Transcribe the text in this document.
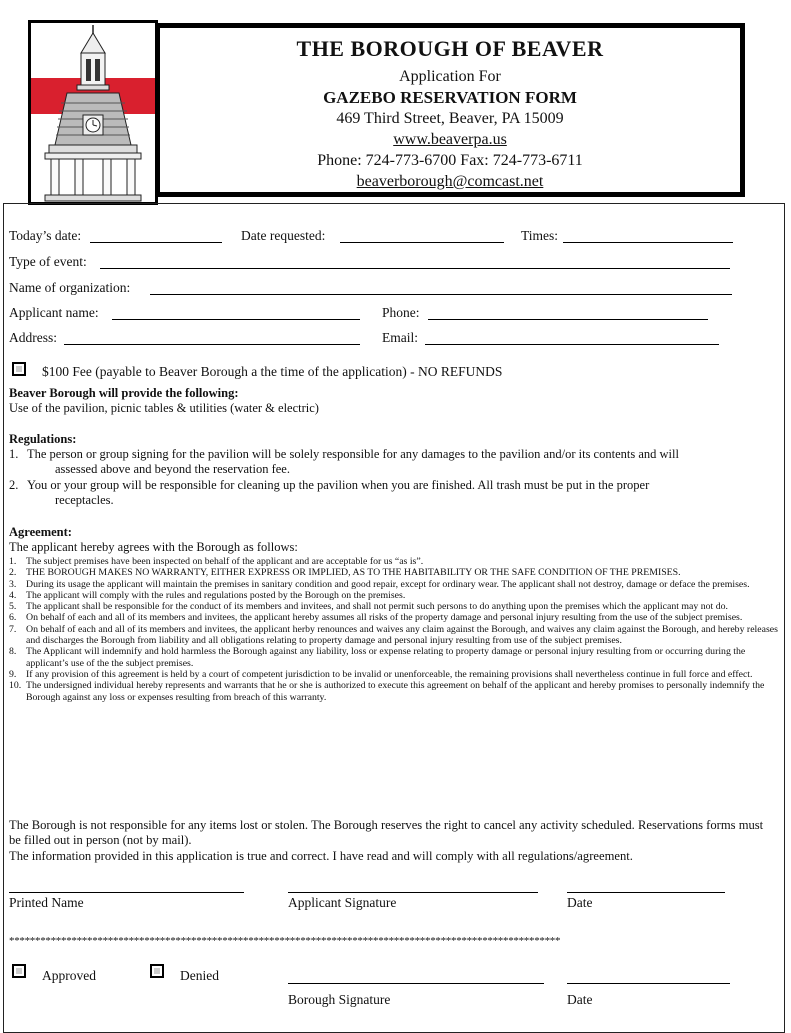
THE BOROUGH OF BEAVER
Application For
GAZEBO RESERVATION FORM
469 Third Street, Beaver, PA 15009
www.beaverpa.us
Phone: 724-773-6700 Fax: 724-773-6711
beaverborough@comcast.net
Today’s date:	Date requested:	Times:
Type of event:
Name of organization:
Applicant name:	Phone:
Address:	Email:
$100 Fee (payable to Beaver Borough a the time of the application) - NO REFUNDS
Beaver Borough will provide the following:
Use of the pavilion, picnic tables & utilities (water & electric)
Regulations:
1. The person or group signing for the pavilion will be solely responsible for any damages to the pavilion and/or its contents and will
assessed above and beyond the reservation fee.
2. You or your group will be responsible for cleaning up the pavilion when you are finished. All trash must be put in the proper
receptacles.
Agreement:
The applicant hereby agrees with the Borough as follows:
1. The subject premises have been inspected on behalf of the applicant and are acceptable for us “as is”.
2. THE BOROUGH MAKES NO WARRANTY, EITHER EXPRESS OR IMPLIED, AS TO THE HABITABILITY OR THE SAFE CONDITION OF THE PREMISES.
3. During its usage the applicant will maintain the premises in sanitary condition and good repair, except for ordinary wear. The applicant shall not destroy, damage or deface the premises.
4. The applicant will comply with the rules and regulations posted by the Borough on the premises.
5. The applicant shall be responsible for the conduct of its members and invitees, and shall not permit such persons to do anything upon the premises which the applicant may not do.
6. On behalf of each and all of its members and invitees, the applicant hereby assumes all risks of the property damage and personal injury resulting from the use of the subject premises.
7. On behalf of each and all of its members and invitees, the applicant herby renounces and waives any claim against the Borough, and waives any claim against the Borough, and hereby releases and discharges the Borough from liability and all obligations relating to property damage and personal injury resulting from use of the subject premises.
8. The Applicant will indemnify and hold harmless the Borough against any liability, loss or expense relating to property damage or personal injury resulting from or occurring during the applicant’s use of the the subject premises.
9. If any provision of this agreement is held by a court of competent jurisdiction to be invalid or unenforceable, the remaining provisions shall nevertheless continue in full force and effect.
10. The undersigned individual hereby represents and warrants that he or she is authorized to execute this agreement on behalf of the applicant and hereby promises to personally indemnify the Borough against any loss or expenses resulting from breach of this warranty.
The Borough is not responsible for any items lost or stolen. The Borough reserves the right to cancel any activity scheduled. Reservations forms must be filled out in person (not by mail).
The information provided in this application is true and correct. I have read and will comply with all regulations/agreement.
Printed Name	Applicant Signature	Date
**********************************************************************************************************
Approved	Denied
Borough Signature	Date
